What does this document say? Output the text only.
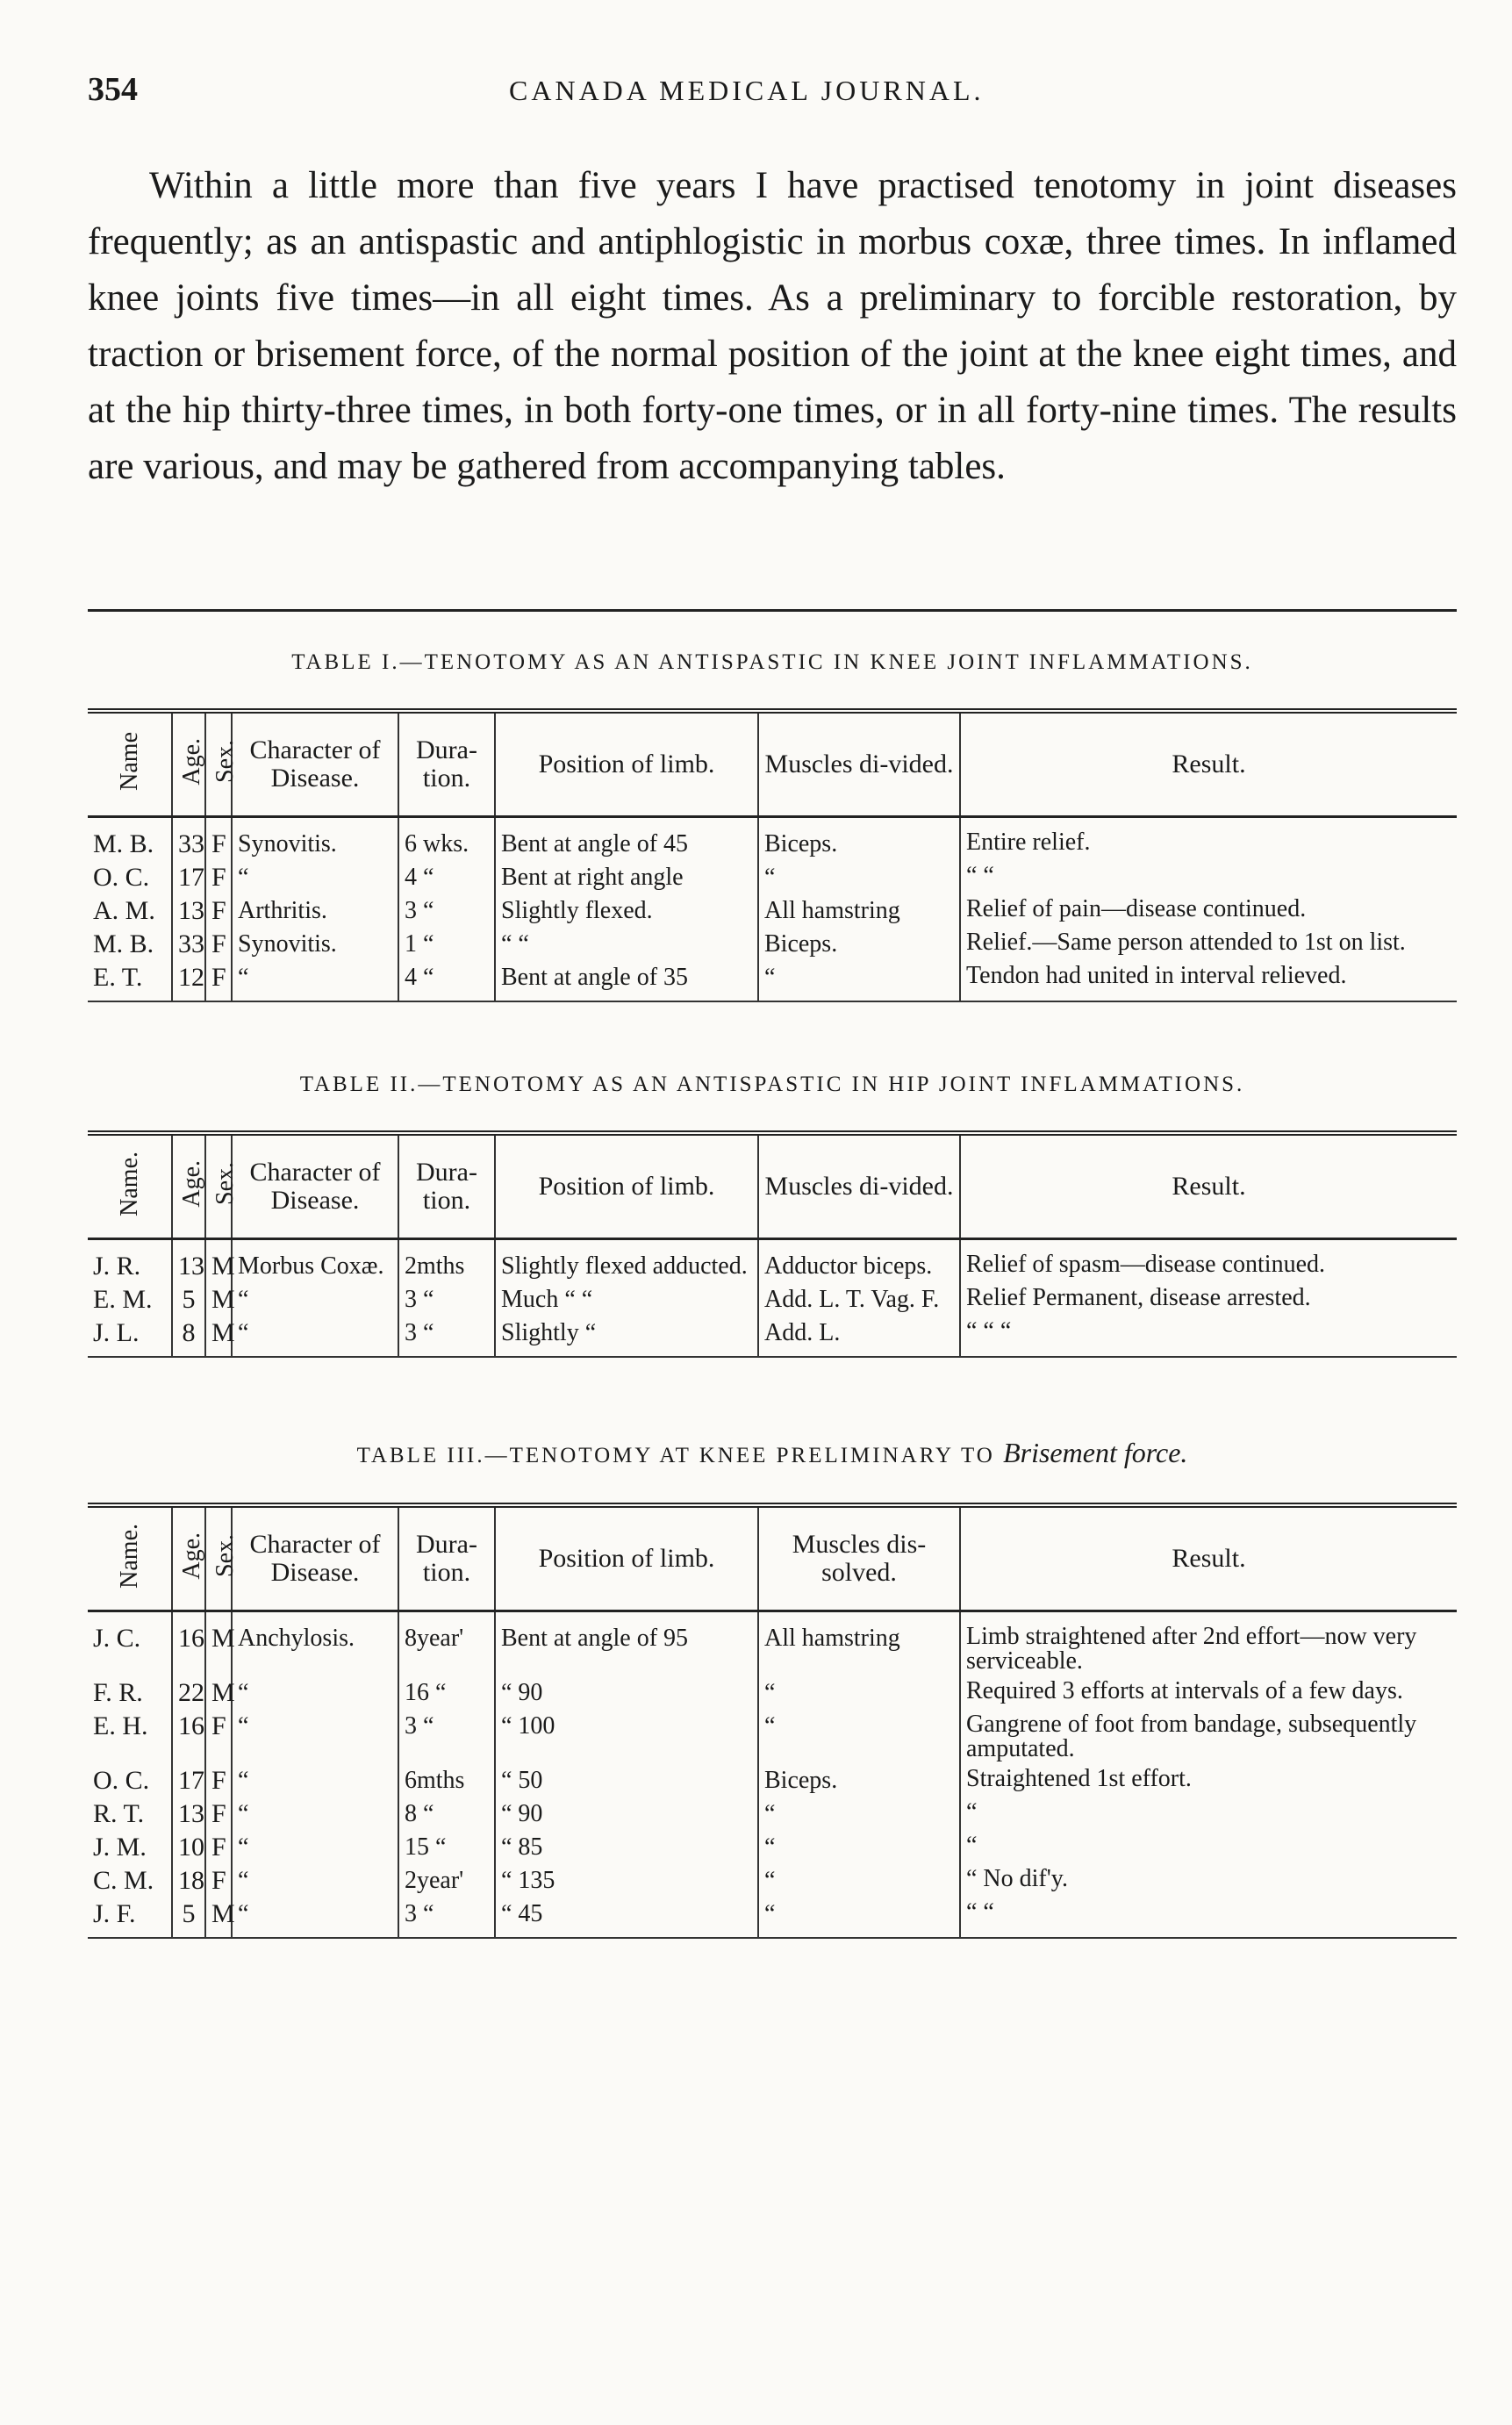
354	CANADA MEDICAL JOURNAL.

Within a little more than five years I have practised tenotomy in joint diseases frequently; as an antispastic and antiphlogistic in morbus coxæ, three times. In inflamed knee joints five times—in all eight times. As a preliminary to forcible restoration, by traction or brisement force, of the normal position of the joint at the knee eight times, and at the hip thirty-three times, in both forty-one times, or in all forty-nine times. The results are various, and may be gathered from accompanying tables.

TABLE I.—TENOTOMY AS AN ANTISPASTIC IN KNEE JOINT INFLAMMATIONS.
Name	Age.	Sex.	Character of Disease.	Dura-tion.	Position of limb.	Muscles di-vided.	Result.
M. B.	33	F	Synovitis.	6 wks.	Bent at angle of 45	Biceps.	Entire relief.
O. C.	17	F	“	4 “	Bent at right angle	“	“ “
A. M.	13	F	Arthritis.	3 “	Slightly flexed.	All hamstring	Relief of pain—disease continued.
M. B.	33	F	Synovitis.	1 “	“ “	Biceps.	Relief.—Same person attended to 1st on list.
E. T.	12	F	“	4 “	Bent at angle of 35	“	Tendon had united in interval relieved.
TABLE II.—TENOTOMY AS AN ANTISPASTIC IN HIP JOINT INFLAMMATIONS.
Name.	Age.	Sex.	Character of Disease.	Dura-tion.	Position of limb.	Muscles di-vided.	Result.
J. R.	13	M	Morbus Coxæ.	2mths	Slightly flexed adducted.	Adductor biceps.	Relief of spasm—disease continued.
E. M.	5	M	“	3 “	Much “ “	Add. L. T. Vag. F.	Relief Permanent, disease arrested.
J. L.	8	M	“	3 “	Slightly “	Add. L.	“ “ “
TABLE III.—TENOTOMY AT KNEE PRELIMINARY TO Brisement force.
Name.	Age.	Sex.	Character of Disease.	Dura-tion.	Position of limb.	Muscles dis-solved.	Result.
J. C.	16	M	Anchylosis.	8year'	Bent at angle of 95	All hamstring	Limb straightened after 2nd effort—now very serviceable.
F. R.	22	M	“	16 “	“ 90	“	Required 3 efforts at intervals of a few days.
E. H.	16	F	“	3 “	“ 100	“	Gangrene of foot from bandage, subsequently amputated.
O. C.	17	F	“	6mths	“ 50	Biceps.	Straightened 1st effort.
R. T.	13	F	“	8 “	“ 90	“	“
J. M.	10	F	“	15 “	“ 85	“	“
C. M.	18	F	“	2year'	“ 135	“	“ No dif'y.
J. F.	5	M	“	3 “	“ 45	“	“ “
